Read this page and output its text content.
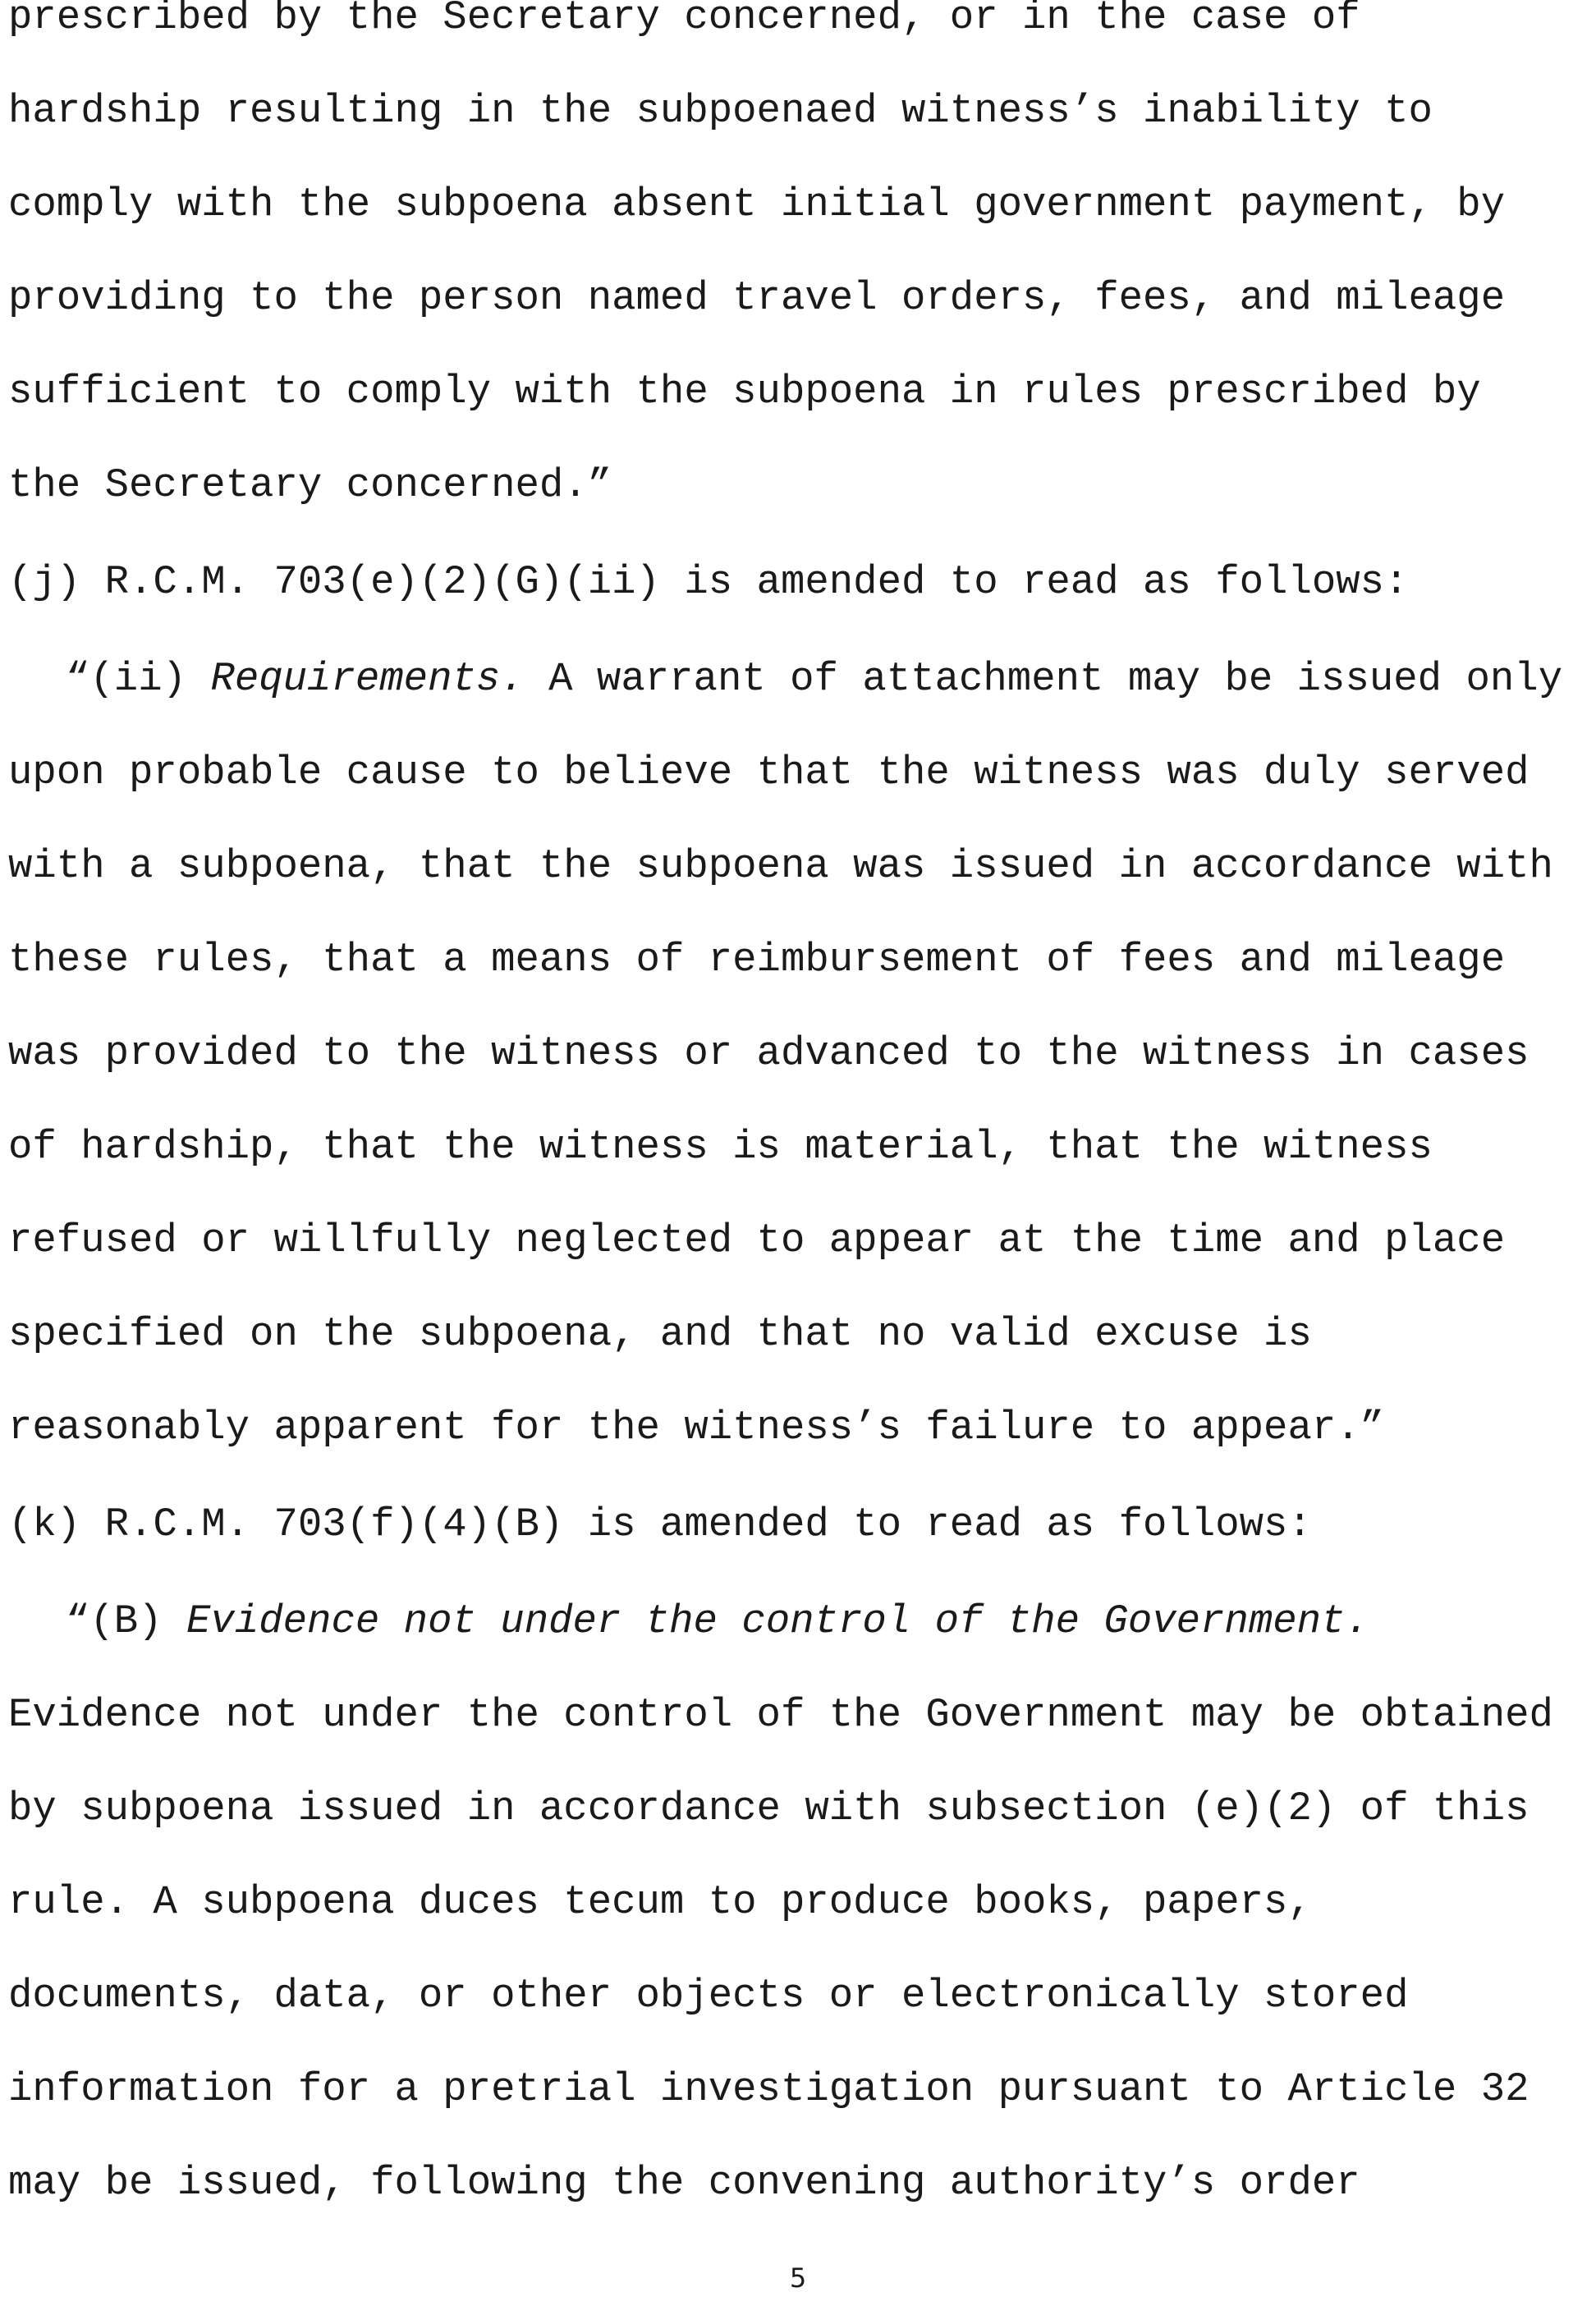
prescribed by the Secretary concerned, or in the case of
hardship resulting in the subpoenaed witness’s inability to
comply with the subpoena absent initial government payment, by
providing to the person named travel orders, fees, and mileage
sufficient to comply with the subpoena in rules prescribed by
the Secretary concerned.”
(j) R.C.M. 703(e)(2)(G)(ii) is amended to read as follows:
“(ii) Requirements. A warrant of attachment may be issued only
upon probable cause to believe that the witness was duly served
with a subpoena, that the subpoena was issued in accordance with
these rules, that a means of reimbursement of fees and mileage
was provided to the witness or advanced to the witness in cases
of hardship, that the witness is material, that the witness
refused or willfully neglected to appear at the time and place
specified on the subpoena, and that no valid excuse is
reasonably apparent for the witness’s failure to appear.”
(k) R.C.M. 703(f)(4)(B) is amended to read as follows:
“(B) Evidence not under the control of the Government.
Evidence not under the control of the Government may be obtained
by subpoena issued in accordance with subsection (e)(2) of this
rule. A subpoena duces tecum to produce books, papers,
documents, data, or other objects or electronically stored
information for a pretrial investigation pursuant to Article 32
may be issued, following the convening authority’s order
5
